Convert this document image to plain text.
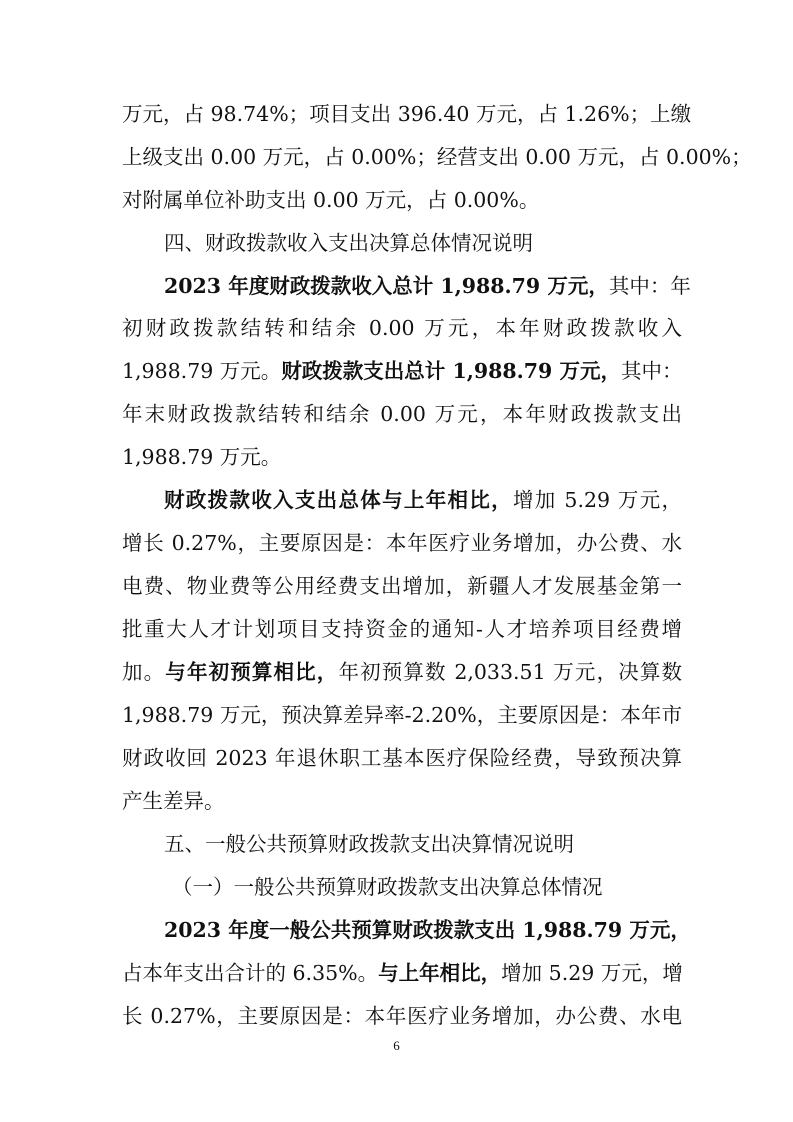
万元，占 98.74%；项目支出 396.40 万元，占 1.26%；上缴
上级支出 0.00 万元，占 0.00%；经营支出 0.00 万元，占 0.00%；
对附属单位补助支出 0.00 万元，占 0.00%。
四、财政拨款收入支出决算总体情况说明
2023 年度财政拨款收入总计 1,988.79 万元，其中：年
初财政拨款结转和结余 0.00 万元，本年财政拨款收入
1,988.79 万元。财政拨款支出总计 1,988.79 万元，其中：
年末财政拨款结转和结余 0.00 万元，本年财政拨款支出
1,988.79 万元。
财政拨款收入支出总体与上年相比，增加 5.29 万元，
增长 0.27%，主要原因是：本年医疗业务增加，办公费、水
电费、物业费等公用经费支出增加，新疆人才发展基金第一
批重大人才计划项目支持资金的通知-人才培养项目经费增
加。与年初预算相比，年初预算数 2,033.51 万元，决算数
1,988.79 万元，预决算差异率-2.20%，主要原因是：本年市
财政收回 2023 年退休职工基本医疗保险经费，导致预决算
产生差异。
五、一般公共预算财政拨款支出决算情况说明
（一）一般公共预算财政拨款支出决算总体情况
2023 年度一般公共预算财政拨款支出 1,988.79 万元，
占本年支出合计的 6.35%。与上年相比，增加 5.29 万元，增
长 0.27%，主要原因是：本年医疗业务增加，办公费、水电
6
